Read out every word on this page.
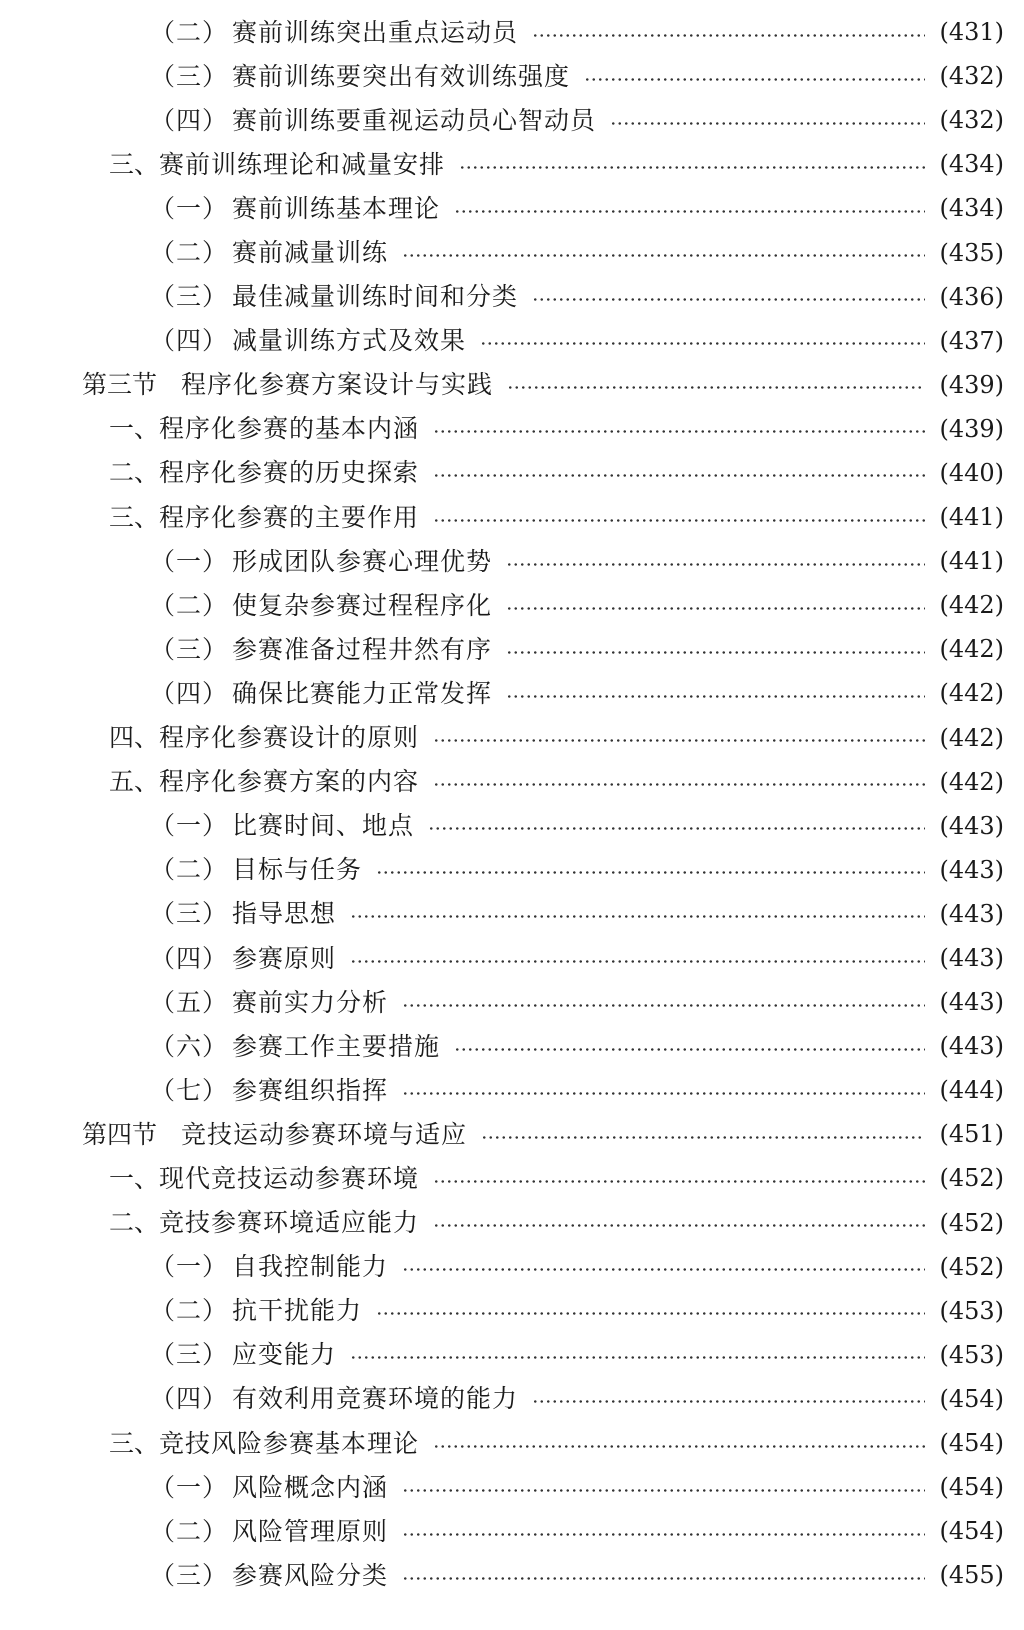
（二） 赛前训练突出重点运动员	(431)
（三） 赛前训练要突出有效训练强度	(432)
（四） 赛前训练要重视运动员心智动员	(432)
三、 赛前训练理论和减量安排	(434)
（一） 赛前训练基本理论	(434)
（二） 赛前减量训练	(435)
（三） 最佳减量训练时间和分类	(436)
（四） 减量训练方式及效果	(437)
第三节 程序化参赛方案设计与实践	(439)
一、 程序化参赛的基本内涵	(439)
二、 程序化参赛的历史探索	(440)
三、 程序化参赛的主要作用	(441)
（一） 形成团队参赛心理优势	(441)
（二） 使复杂参赛过程程序化	(442)
（三） 参赛准备过程井然有序	(442)
（四） 确保比赛能力正常发挥	(442)
四、 程序化参赛设计的原则	(442)
五、 程序化参赛方案的内容	(442)
（一） 比赛时间、地点	(443)
（二） 目标与任务	(443)
（三） 指导思想	(443)
（四） 参赛原则	(443)
（五） 赛前实力分析	(443)
（六） 参赛工作主要措施	(443)
（七） 参赛组织指挥	(444)
第四节 竞技运动参赛环境与适应	(451)
一、 现代竞技运动参赛环境	(452)
二、 竞技参赛环境适应能力	(452)
（一） 自我控制能力	(452)
（二） 抗干扰能力	(453)
（三） 应变能力	(453)
（四） 有效利用竞赛环境的能力	(454)
三、 竞技风险参赛基本理论	(454)
（一） 风险概念内涵	(454)
（二） 风险管理原则	(454)
（三） 参赛风险分类	(455)
